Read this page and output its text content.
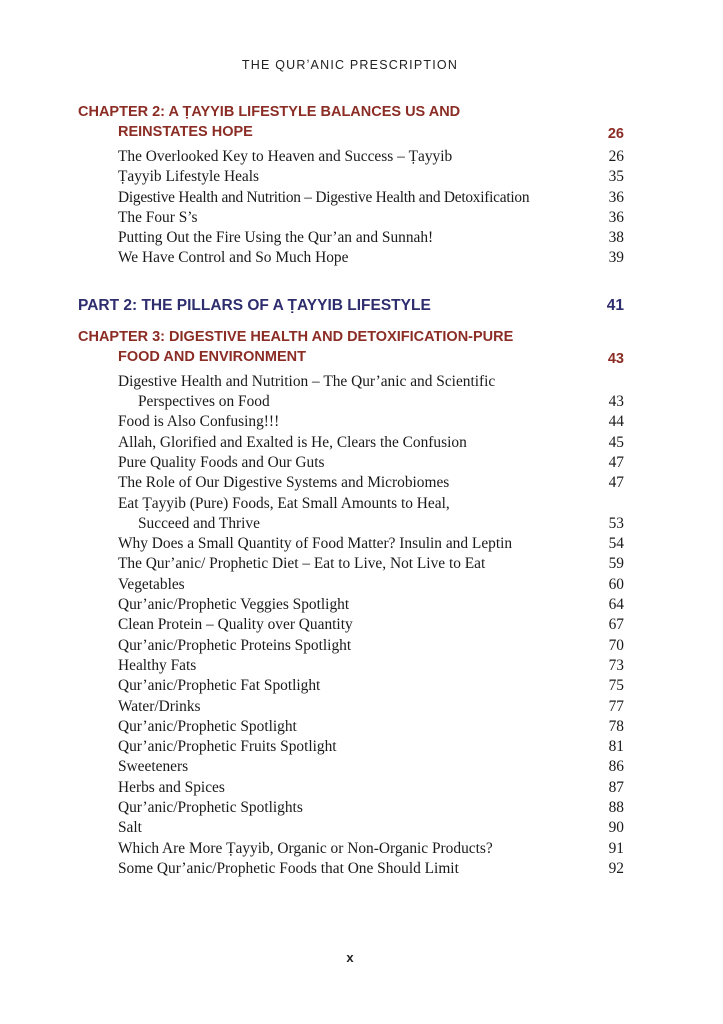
THE QURʼANIC PRESCRIPTION
CHAPTER 2: A ṬAYYIB LIFESTYLE BALANCES US AND
REINSTATES HOPE	26
The Overlooked Key to Heaven and Success – Ṭayyib	26
Ṭayyib Lifestyle Heals	35
Digestive Health and Nutrition – Digestive Health and Detoxification	36
The Four S’s	36
Putting Out the Fire Using the Qur’an and Sunnah!	38
We Have Control and So Much Hope	39
PART 2: THE PILLARS OF A ṬAYYIB LIFESTYLE	41
CHAPTER 3: DIGESTIVE HEALTH AND DETOXIFICATION-PURE
FOOD AND ENVIRONMENT	43
Digestive Health and Nutrition – The Qur’anic and Scientific
Perspectives on Food	43
Food is Also Confusing!!!	44
Allah, Glorified and Exalted is He, Clears the Confusion	45
Pure Quality Foods and Our Guts	47
The Role of Our Digestive Systems and Microbiomes	47
Eat Ṭayyib (Pure) Foods, Eat Small Amounts to Heal,
Succeed and Thrive	53
Why Does a Small Quantity of Food Matter? Insulin and Leptin	54
The Qur’anic/ Prophetic Diet – Eat to Live, Not Live to Eat	59
Vegetables	60
Qur’anic/Prophetic Veggies Spotlight	64
Clean Protein – Quality over Quantity	67
Qur’anic/Prophetic Proteins Spotlight	70
Healthy Fats	73
Qur’anic/Prophetic Fat Spotlight	75
Water/Drinks	77
Qur’anic/Prophetic Spotlight	78
Qur’anic/Prophetic Fruits Spotlight	81
Sweeteners	86
Herbs and Spices	87
Qur’anic/Prophetic Spotlights	88
Salt	90
Which Are More Ṭayyib, Organic or Non-Organic Products?	91
Some Qur’anic/Prophetic Foods that One Should Limit	92
x
